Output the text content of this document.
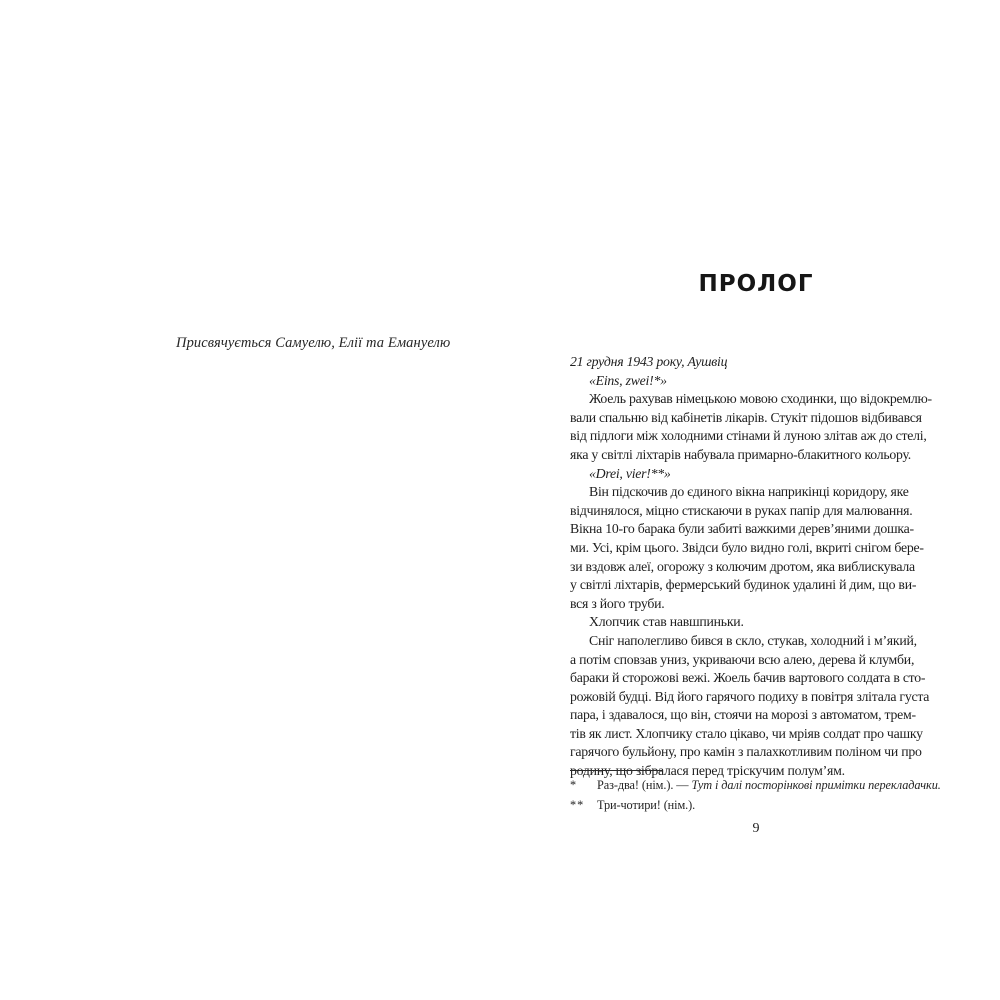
Присвячується Самуелю, Елії та Емануелю
ПРОЛОГ
21 грудня 1943 року, Аушвіц
«Eins, zwei!*»
Жоель рахував німецькою мовою сходинки, що відокремлю-
вали спальню від кабінетів лікарів. Стукіт підошов відбивався
від підлоги між холодними стінами й луною злітав аж до стелі,
яка у світлі ліхтарів набувала примарно-блакитного кольору.
«Drei, vier!**»
Він підскочив до єдиного вікна наприкінці коридору, яке
відчинялося, міцно стискаючи в руках папір для малювання.
Вікна 10-го барака були забиті важкими дерев’яними дошка-
ми. Усі, крім цього. Звідси було видно голі, вкриті снігом бере-
зи вздовж алеї, огорожу з колючим дротом, яка виблискувала
у світлі ліхтарів, фермерський будинок удалині й дим, що ви-
вся з його труби.
Хлопчик став навшпиньки.
Сніг наполегливо бився в скло, стукав, холодний і м’який,
а потім сповзав униз, укриваючи всю алею, дерева й клумби,
бараки й сторожові вежі. Жоель бачив вартового солдата в сто-
рожовій будці. Від його гарячого подиху в повітря злітала густа
пара, і здавалося, що він, стоячи на морозі з автоматом, трем-
тів як лист. Хлопчику стало цікаво, чи мріяв солдат про чашку
гарячого бульйону, про камін з палахкотливим поліном чи про
родину, що зібралася перед тріскучим полум’ям.
*	Раз-два! (нім.). — Тут і далі посторінкові примітки перекладачки.
**	Три-чотири! (нім.).
9
